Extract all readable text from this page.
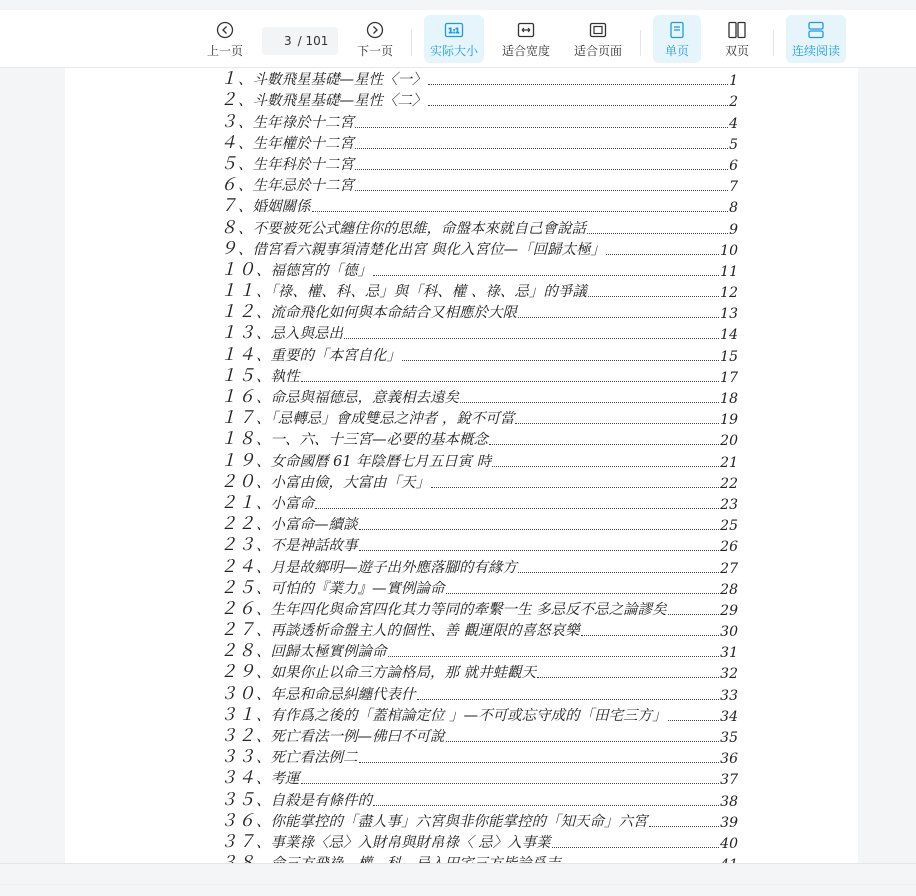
上一页
3
/ 101
下一页
1:1
实际大小 适合宽度 适合页面	单页	双页	连续阅读
１ 、斗數飛星基礎—星性〈一〉	1
２ 、斗數飛星基礎—星性〈二〉	2
３ 、生年祿於十二宮	4
４ 、生年權於十二宮	5
５ 、生年科於十二宮	6
６ 、生年忌於十二宮	7
７ 、婚姻關係	8
８ 、不要被死公式纏住你的思維，命盤本來就自己會說話	9
９ 、借宮看六親事須清楚化出宮 與化入宮位—「回歸太極」	10
１０ 、福德宮的「德」	11
１１ 、「祿、權、科、忌」與「科、權 、祿、忌」的爭議	12
１２ 、流命飛化如何與本命結合又相應於大限	13
１３ 、忌入與忌出	14
１４ 、重要的「本宮自化」	15
１５ 、執性	17
１６ 、命忌與福德忌，意義相去遠矣	18
１７ 、「忌轉忌」會成雙忌之沖者 ，銳不可當	19
１８ 、一、六、十三宮—必要的基本概念	20
１９ 、女命國曆 61 年陰曆七月五日寅 時	21
２０ 、小富由儉，大富由「天」	22
２１ 、小富命	23
２２ 、小富命—續談	25
２３ 、不是神話故事	26
２４ 、月是故鄉明—遊子出外應落腳的有緣方	27
２５ 、可怕的『業力』—實例論命	28
２６ 、生年四化與命宮四化其力等同的牽繫一生 多忌反不忌之論謬矣	29
２７ 、再談透析命盤主人的個性、善 觀運限的喜怒哀樂	30
２８ 、回歸太極實例論命	31
２９ 、如果你止以命三方論格局，那 就井蛙觀天	32
３０ 、年忌和命忌糾纏代表什	33
３１ 、有作爲之後的「蓋棺論定位 」—不可或忘守成的「田宅三方」	34
３２ 、死亡看法一例—佛曰不可說	35
３３ 、死亡看法例二	36
３４ 、考運	37
３５ 、自殺是有條件的	38
３６ 、你能掌控的「盡人事」六宮與非你能掌控的「知天命」六宮	39
３７ 、事業祿〈忌〉入財帛與財帛祿〈 忌〉入事業	40
